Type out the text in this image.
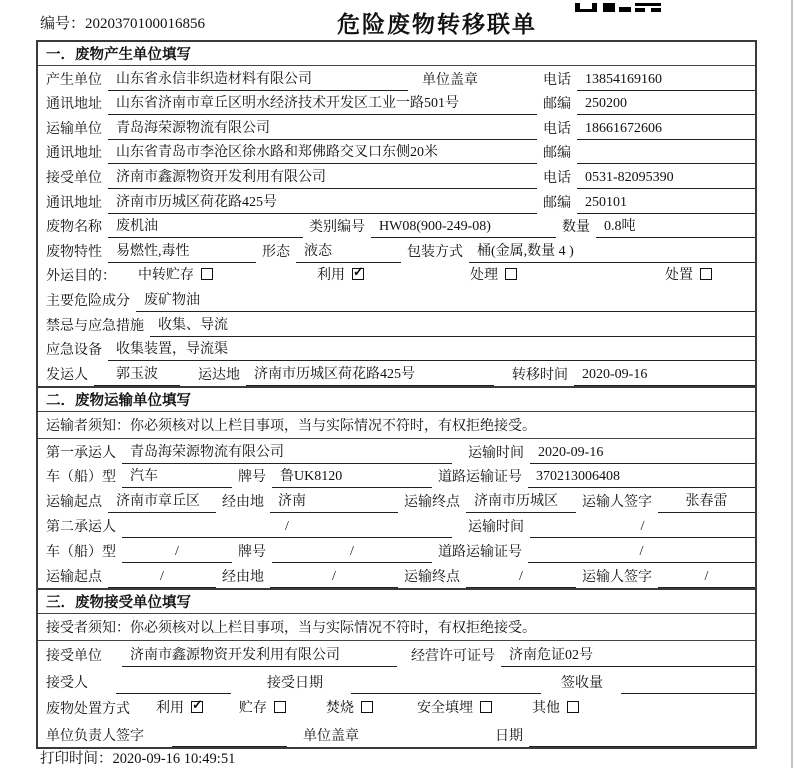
编号：2020370100016856	危险废物转移联单
一．废物产生单位填写
产生单位	山东省永信非织造材料有限公司	单位盖章	电话	13854169160
通讯地址	山东省济南市章丘区明水经济技术开发区工业一路501号	邮编	250200
运输单位	青岛海荣源物流有限公司	电话	18661672606
通讯地址	山东省青岛市李沧区徐水路和郑佛路交叉口东侧20米	邮编
接受单位	济南市鑫源物资开发利用有限公司	电话	0531-82095390
通讯地址	济南市历城区荷花路425号	邮编	250101
废物名称	废机油	类别编号	HW08(900-249-08)	数量	0.8吨
废物特性	易燃性,毒性	形态	液态	包装方式	桶(金属,数量 4 )
外运目的：	中转贮存	利用 ✓	处理	处置
主要危险成分	废矿物油
禁忌与应急措施	收集、导流
应急设备	收集装置，导流渠
发运人	郭玉波	运达地	济南市历城区荷花路425号	转移时间	2020-09-16
二．废物运输单位填写
运输者须知：你必须核对以上栏目事项，当与实际情况不符时，有权拒绝接受。
第一承运人	青岛海荣源物流有限公司	运输时间	2020-09-16
车（船）型	汽车	牌号	鲁UK8120	道路运输证号	370213006408
运输起点	济南市章丘区	经由地	济南	运输终点	济南市历城区	运输人签字	张春雷
第二承运人	/	运输时间	/
车（船）型	/	牌号	/	道路运输证号	/
运输起点	/	经由地	/	运输终点	/	运输人签字	/
三．废物接受单位填写
接受者须知：你必须核对以上栏目事项，当与实际情况不符时，有权拒绝接受。
接受单位	济南市鑫源物资开发利用有限公司	经营许可证号	济南危证02号
接受人	接受日期	签收量
废物处置方式	利用 ✓	贮存	焚烧	安全填埋	其他
单位负责人签字	单位盖章	日期
打印时间：2020-09-16 10:49:51
